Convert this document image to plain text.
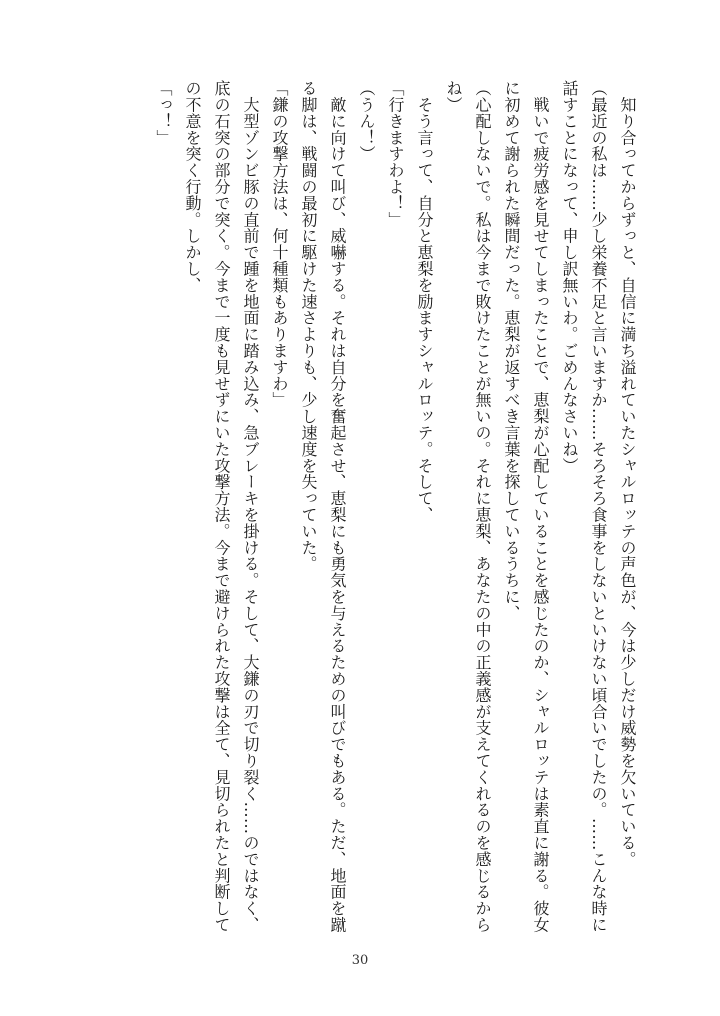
　知り合ってからずっと、自信に満ち溢れていたシャルロッテの声色が、今は少しだけ威勢を欠いている。

（最近の私は……少し栄養不足と言いますか……そろそろ食事をしないといけない頃合いでしたの。……こんな時に話すことになって、申し訳無いわ。ごめんなさいね）

　戦いで疲労感を見せてしまったことで、恵梨が心配していることを感じたのか、シャルロッテは素直に謝る。彼女に初めて謝られた瞬間だった。恵梨が返すべき言葉を探しているうちに、

（心配しないで。私は今まで敗けたことが無いの。それに恵梨、あなたの中の正義感が支えてくれるのを感じるからね）

　そう言って、自分と恵梨を励ますシャルロッテ。そして、

「行きますわよ！」

（うん！）

　敵に向けて叫び、威嚇する。それは自分を奮起させ、恵梨にも勇気を与えるための叫びでもある。ただ、地面を蹴る脚は、戦闘の最初に駆けた速さよりも、少し速度を失っていた。

「鎌の攻撃方法は、何十種類もありますわ」

　大型ゾンビ豚の直前で踵を地面に踏み込み、急ブレーキを掛ける。そして、大鎌の刃で切り裂く……のではなく、底の石突の部分で突く。今まで一度も見せずにいた攻撃方法。今まで避けられた攻撃は全て、見切られたと判断しての不意を突く行動。しかし、

「っ！」

30
